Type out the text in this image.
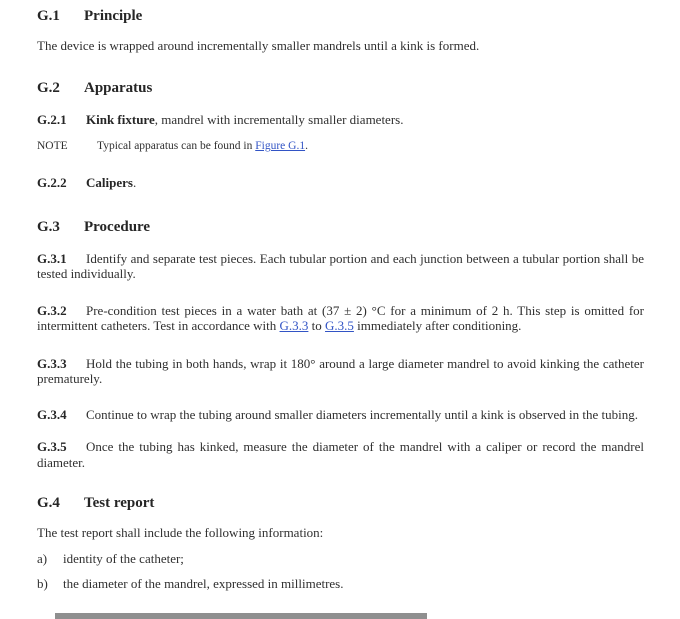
G.1 Principle

The device is wrapped around incrementally smaller mandrels until a kink is formed.

G.2 Apparatus

G.2.1 Kink fixture, mandrel with incrementally smaller diameters.

NOTE	Typical apparatus can be found in Figure G.1.

G.2.2 Calipers.

G.3 Procedure

G.3.1 Identify and separate test pieces. Each tubular portion and each junction between a tubular portion shall be tested individually.

G.3.2 Pre-condition test pieces in a water bath at (37 ± 2) °C for a minimum of 2 h. This step is omitted for intermittent catheters. Test in accordance with G.3.3 to G.3.5 immediately after conditioning.

G.3.3 Hold the tubing in both hands, wrap it 180° around a large diameter mandrel to avoid kinking the catheter prematurely.

G.3.4 Continue to wrap the tubing around smaller diameters incrementally until a kink is observed in the tubing.

G.3.5 Once the tubing has kinked, measure the diameter of the mandrel with a caliper or record the mandrel diameter.

G.4 Test report

The test report shall include the following information:

a) identity of the catheter;

b) the diameter of the mandrel, expressed in millimetres.
